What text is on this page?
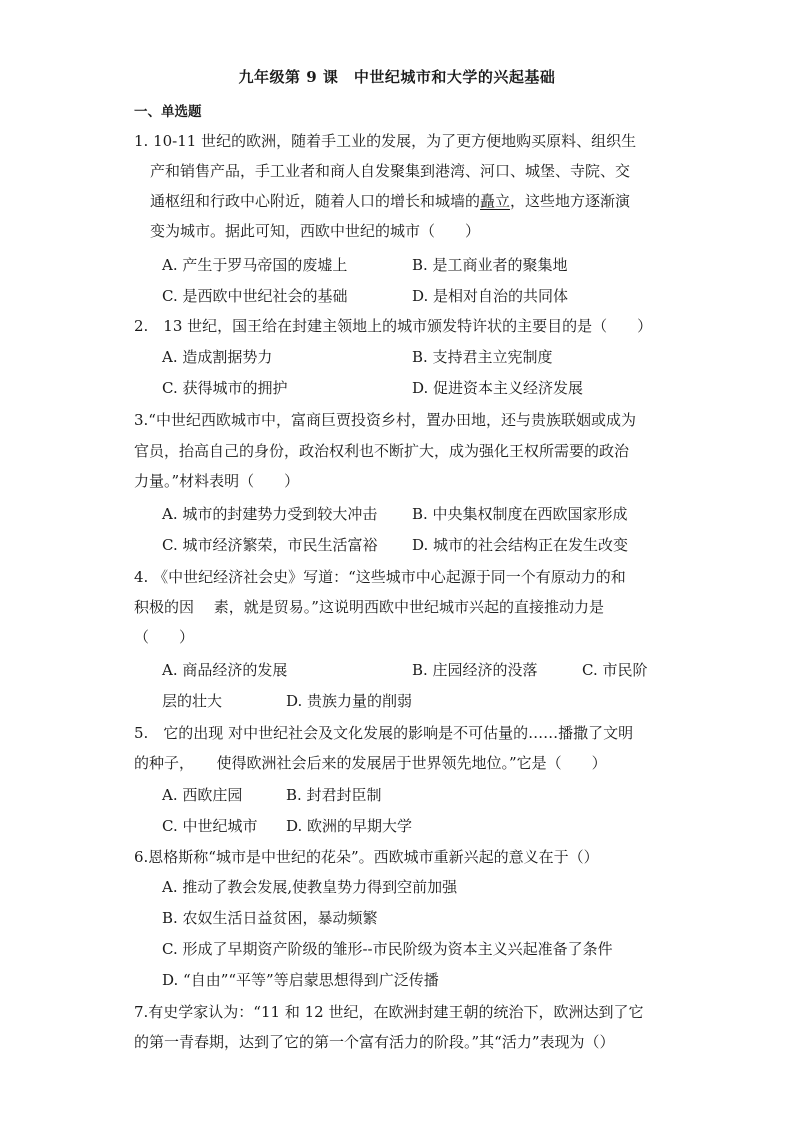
九年级第 9 课　中世纪城市和大学的兴起基础
一、单选题
1. 10-11 世纪的欧洲，随着手工业的发展，为了更方便地购买原料、组织生
产和销售产品，手工业者和商人自发聚集到港湾、河口、城堡、寺院、交
通枢纽和行政中心附近，随着人口的增长和城墙的矗立，这些地方逐渐演
变为城市。据此可知，西欧中世纪的城市（　　）
A. 产生于罗马帝国的废墟上	B. 是工商业者的聚集地
C. 是西欧中世纪社会的基础	D. 是相对自治的共同体
2.　13 世纪，国王给在封建主领地上的城市颁发特许状的主要目的是（　　）
A. 造成割据势力	B. 支持君主立宪制度
C. 获得城市的拥护	D. 促进资本主义经济发展
3.“中世纪西欧城市中，富商巨贾投资乡村，置办田地，还与贵族联姻或成为
官员，抬高自己的身份，政治权利也不断扩大，成为强化王权所需要的政治
力量。”材料表明（　　）
A. 城市的封建势力受到较大冲击 B. 中央集权制度在西欧国家形成
C. 城市经济繁荣，市民生活富裕 D. 城市的社会结构正在发生改变
4. 《中世纪经济社会史》写道：“这些城市中心起源于同一个有原动力的和
积极的因　 素，就是贸易。”这说明西欧中世纪城市兴起的直接推动力是
（　　）
A. 商品经济的发展	B. 庄园经济的没落	C. 市民阶
层的壮大	D. 贵族力量的削弱
5.　它的出现 对中世纪社会及文化发展的影响是不可估量的……播撒了文明
的种子，　　使得欧洲社会后来的发展居于世界领先地位。”它是（　　）
A. 西欧庄园	B. 封君封臣制
C. 中世纪城市 D. 欧洲的早期大学
6.恩格斯称“城市是中世纪的花朵”。西欧城市重新兴起的意义在于（）
A. 推动了教会发展,使教皇势力得到空前加强
B. 农奴生活日益贫困，暴动频繁
C. 形成了早期资产阶级的雏形--市民阶级为资本主义兴起准备了条件
D. “自由”“平等”等启蒙思想得到广泛传播
7.有史学家认为：“11 和 12 世纪，在欧洲封建王朝的统治下，欧洲达到了它
的第一青春期，达到了它的第一个富有活力的阶段。”其“活力”表现为（）
